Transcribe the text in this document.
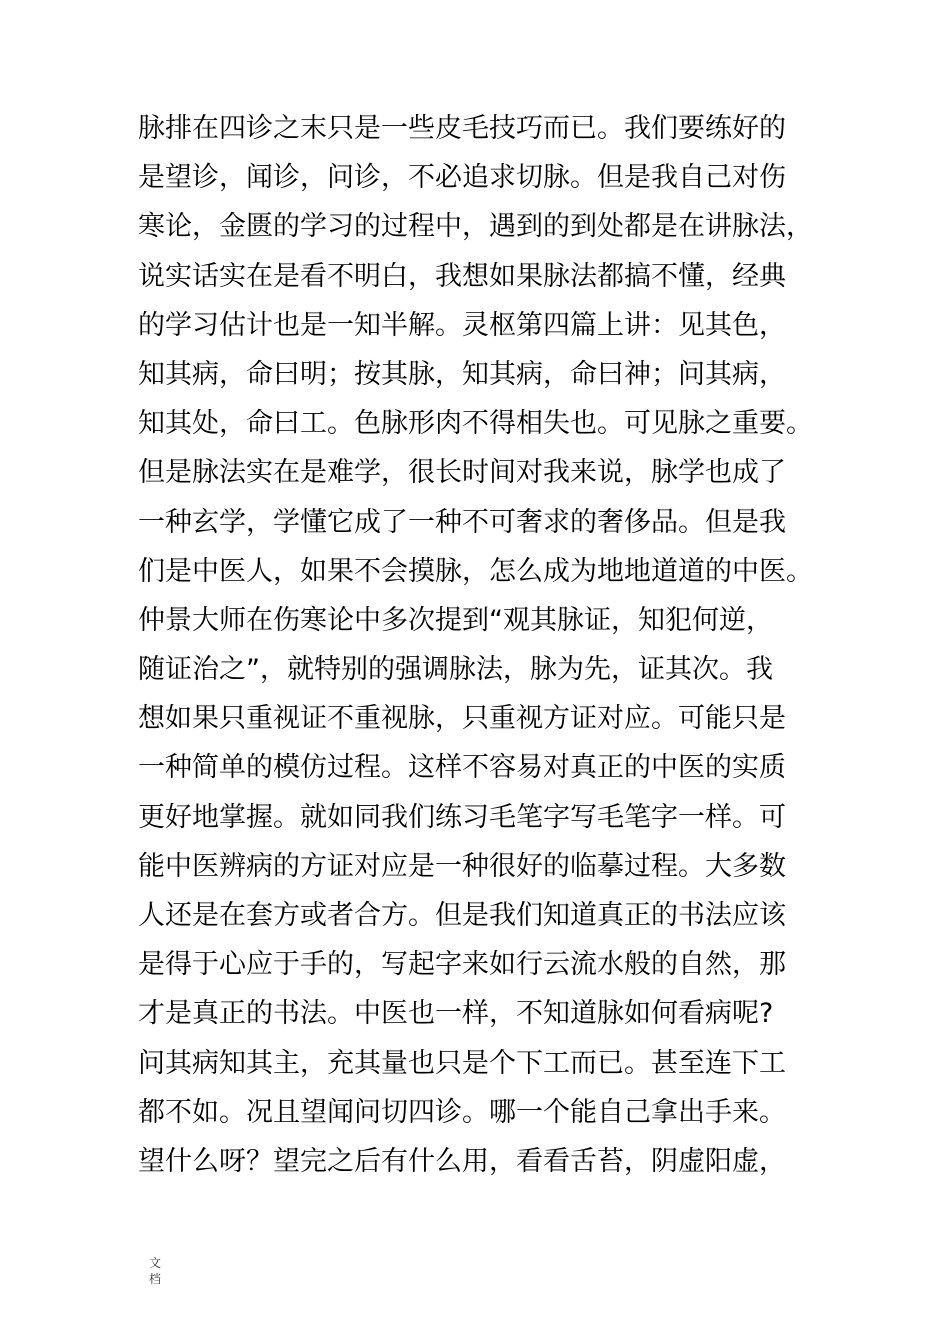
脉排在四诊之末只是一些皮毛技巧而已。我们要练好的
是望诊，闻诊，问诊，不必追求切脉。但是我自己对伤
寒论，金匮的学习的过程中，遇到的到处都是在讲脉法，
说实话实在是看不明白，我想如果脉法都搞不懂，经典
的学习估计也是一知半解。灵枢第四篇上讲：见其色，
知其病，命曰明；按其脉，知其病，命曰神；问其病，
知其处，命曰工。色脉形肉不得相失也。可见脉之重要。
但是脉法实在是难学，很长时间对我来说，脉学也成了
一种玄学，学懂它成了一种不可奢求的奢侈品。但是我
们是中医人，如果不会摸脉，怎么成为地地道道的中医。
仲景大师在伤寒论中多次提到“观其脉证，知犯何逆，
随证治之”，就特别的强调脉法，脉为先，证其次。我
想如果只重视证不重视脉，只重视方证对应。可能只是
一种简单的模仿过程。这样不容易对真正的中医的实质
更好地掌握。就如同我们练习毛笔字写毛笔字一样。可
能中医辨病的方证对应是一种很好的临摹过程。大多数
人还是在套方或者合方。但是我们知道真正的书法应该
是得于心应于手的，写起字来如行云流水般的自然，那
才是真正的书法。中医也一样，不知道脉如何看病呢?
问其病知其主，充其量也只是个下工而已。甚至连下工
都不如。况且望闻问切四诊。哪一个能自己拿出手来。
望什么呀？望完之后有什么用，看看舌苔，阴虚阳虚，
文
档
